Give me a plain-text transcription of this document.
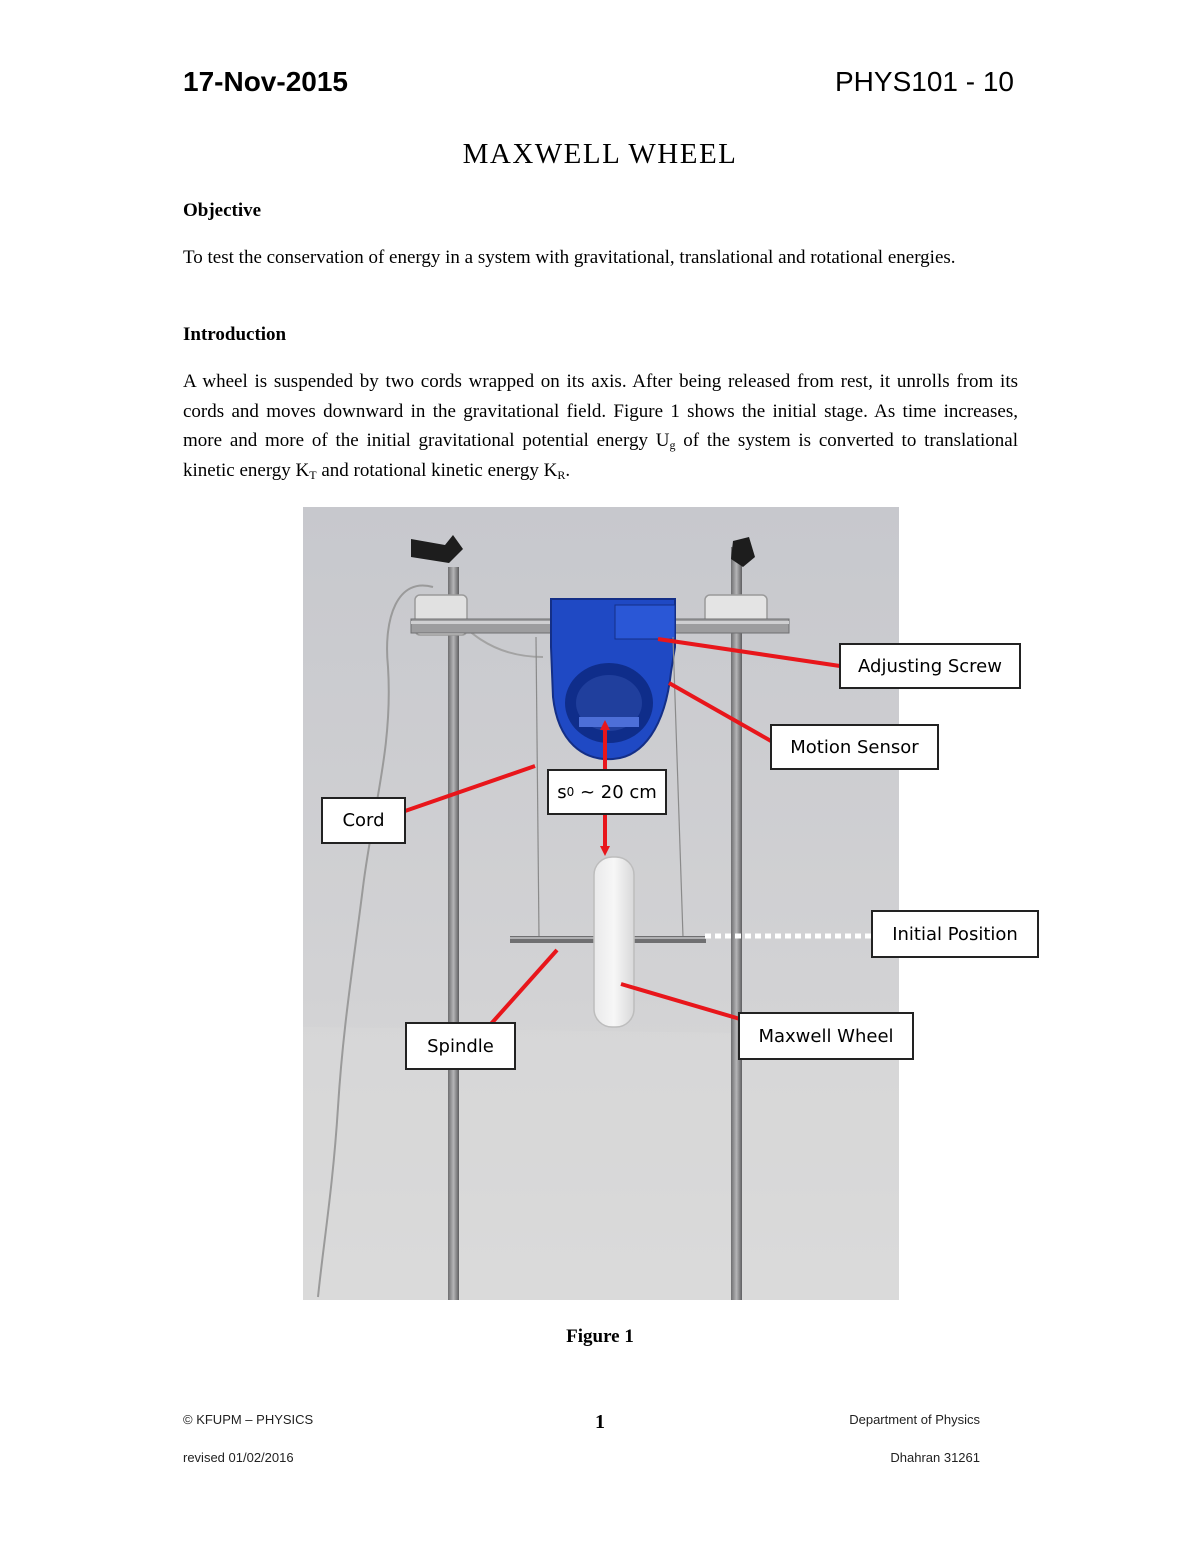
17-Nov-2015	PHYS101 - 10
MAXWELL WHEEL
Objective
To test the conservation of energy in a system with gravitational, translational and rotational energies.
Introduction
A wheel is suspended by two cords wrapped on its axis. After being released from rest, it unrolls from its cords and moves downward in the gravitational field. Figure 1 shows the initial stage. As time increases, more and more of the initial gravitational potential energy $U_g$ of the system is converted to translational kinetic energy $K_T$ and rotational kinetic energy $K_R$.
Adjusting Screw
Motion Sensor
Cord
s 0 ~ 20 cm
Initial Position
Spindle	Maxwell Wheel
Figure 1
© KFUPM – PHYSICS
revised 01/02/2016
1	Department of Physics
Dhahran 31261
